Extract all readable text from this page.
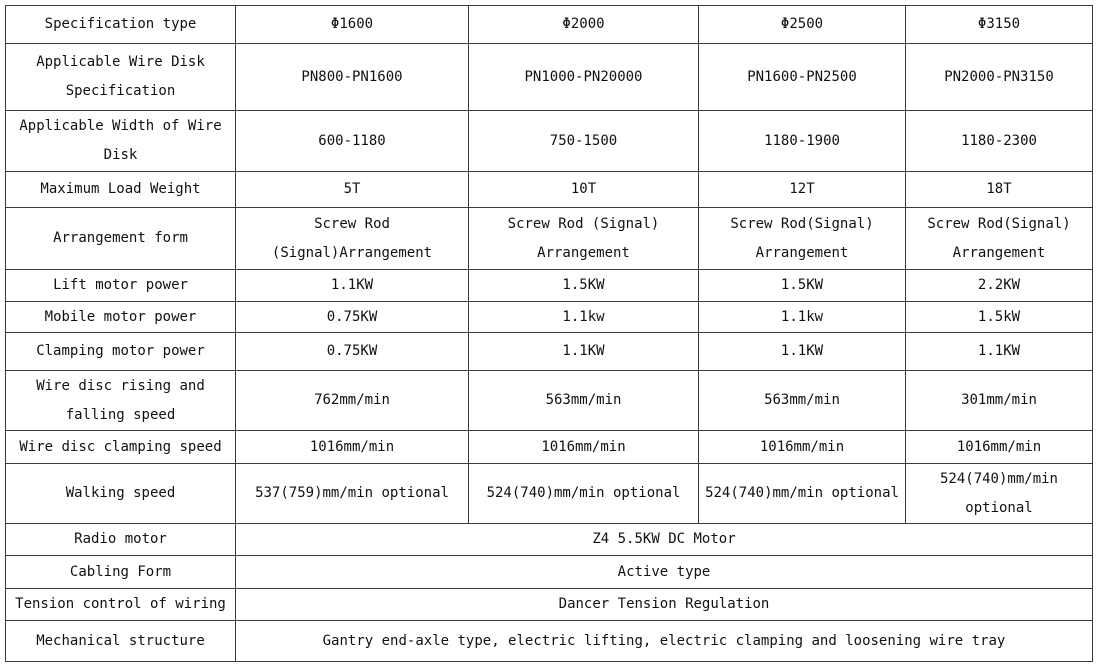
Specification type	Φ1600	Φ2000	Φ2500	Φ3150
Applicable Wire Disk Specification	PN800-PN1600	PN1000-PN20000	PN1600-PN2500	PN2000-PN3150
Applicable Width of Wire Disk	600-1180	750-1500	1180-1900	1180-2300
Maximum Load Weight	5T	10T	12T	18T
Arrangement form	Screw Rod (Signal)Arrangement	Screw Rod (Signal) Arrangement	Screw Rod(Signal) Arrangement	Screw Rod(Signal) Arrangement
Lift motor power	1.1KW	1.5KW	1.5KW	2.2KW
Mobile motor power	0.75KW	1.1kw	1.1kw	1.5kW
Clamping motor power	0.75KW	1.1KW	1.1KW	1.1KW
Wire disc rising and falling speed	762mm/min	563mm/min	563mm/min	301mm/min
Wire disc clamping speed	1016mm/min	1016mm/min	1016mm/min	1016mm/min
Walking speed	537(759)mm/min optional	524(740)mm/min optional	524(740)mm/min optional	524(740)mm/min optional
Radio motor	Z4 5.5KW DC Motor			
Cabling Form	Active type			
Tension control of wiring	Dancer Tension Regulation			
Mechanical structure	Gantry end-axle type, electric lifting, electric clamping and loosening wire tray			
